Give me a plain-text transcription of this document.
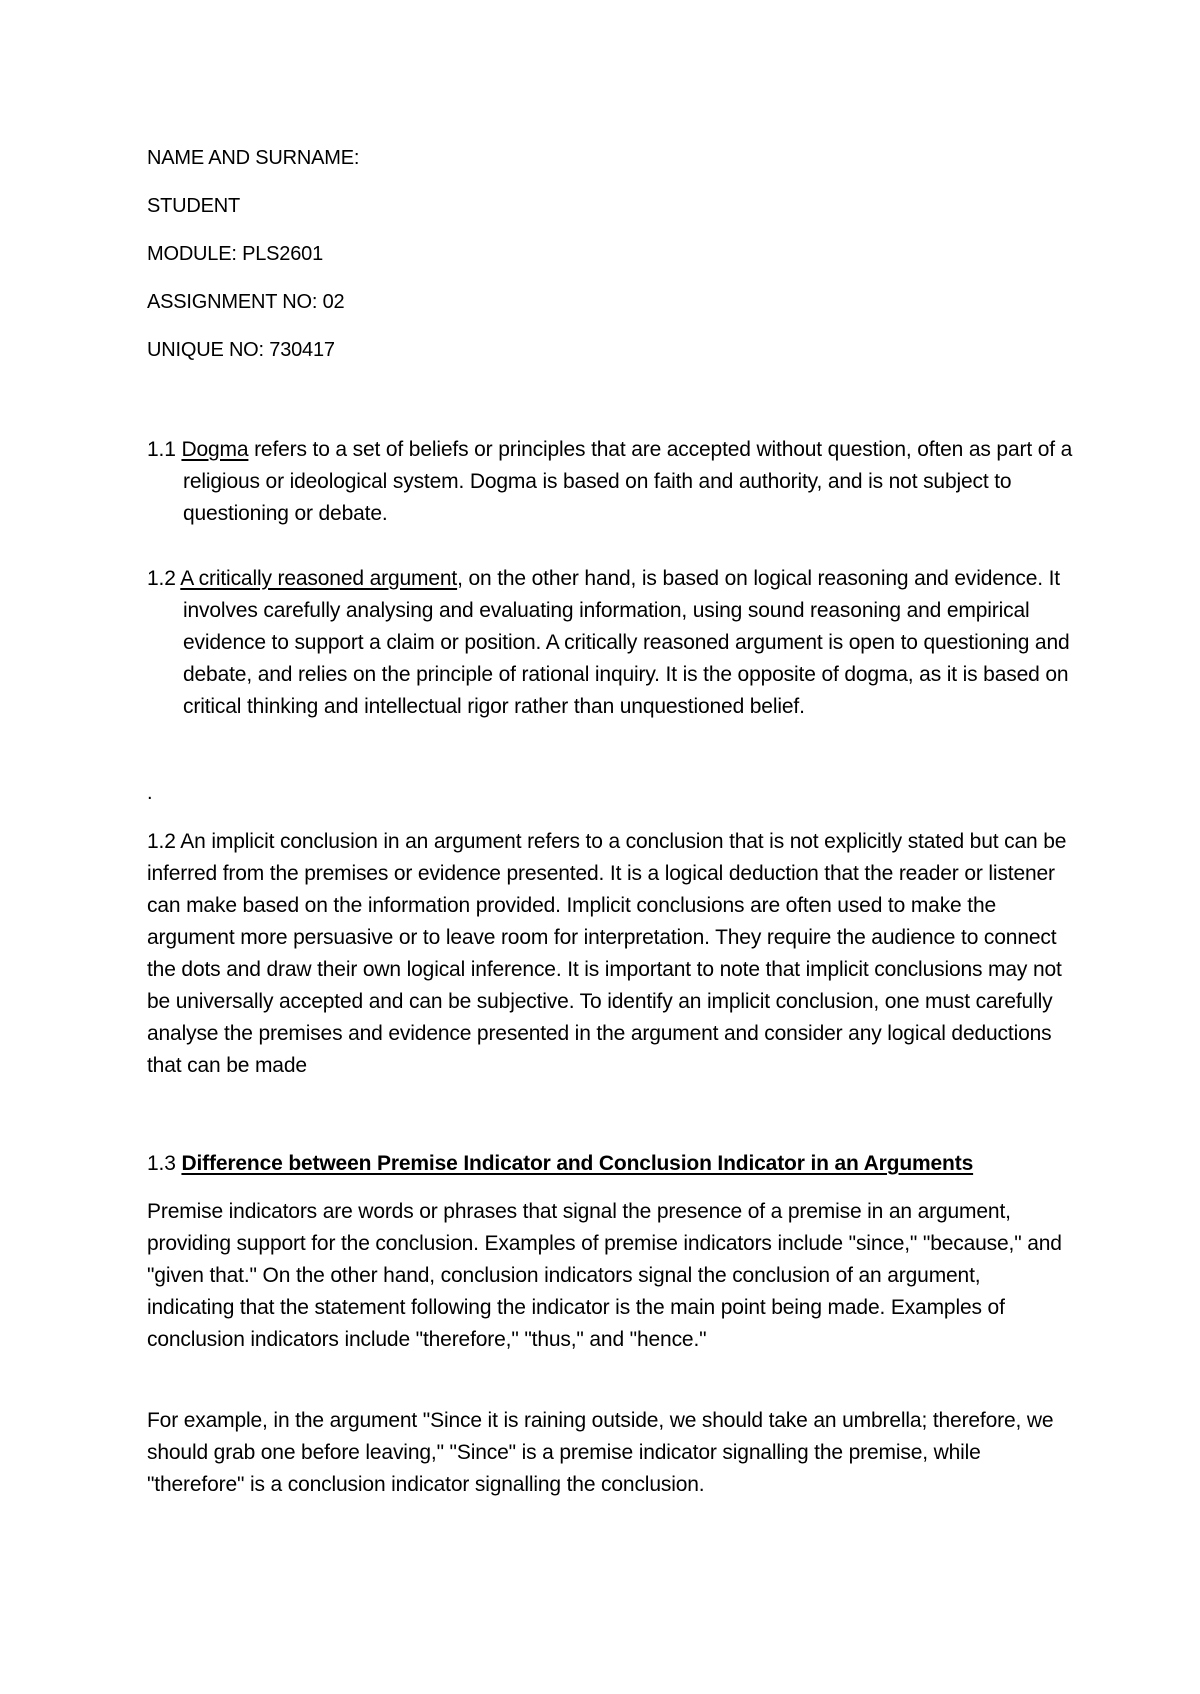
NAME AND SURNAME:
STUDENT
MODULE: PLS2601
ASSIGNMENT NO: 02
UNIQUE NO: 730417

1.1 Dogma refers to a set of beliefs or principles that are accepted without question, often as part of a religious or ideological system. Dogma is based on faith and authority, and is not subject to questioning or debate.

1.2 A critically reasoned argument, on the other hand, is based on logical reasoning and evidence. It involves carefully analysing and evaluating information, using sound reasoning and empirical evidence to support a claim or position. A critically reasoned argument is open to questioning and debate, and relies on the principle of rational inquiry. It is the opposite of dogma, as it is based on critical thinking and intellectual rigor rather than unquestioned belief.

.

1.2 An implicit conclusion in an argument refers to a conclusion that is not explicitly stated but can be inferred from the premises or evidence presented. It is a logical deduction that the reader or listener can make based on the information provided. Implicit conclusions are often used to make the argument more persuasive or to leave room for interpretation. They require the audience to connect the dots and draw their own logical inference. It is important to note that implicit conclusions may not be universally accepted and can be subjective. To identify an implicit conclusion, one must carefully analyse the premises and evidence presented in the argument and consider any logical deductions that can be made

1.3 Difference between Premise Indicator and Conclusion Indicator in an Arguments

Premise indicators are words or phrases that signal the presence of a premise in an argument, providing support for the conclusion. Examples of premise indicators include "since," "because," and "given that." On the other hand, conclusion indicators signal the conclusion of an argument, indicating that the statement following the indicator is the main point being made. Examples of conclusion indicators include "therefore," "thus," and "hence."

For example, in the argument "Since it is raining outside, we should take an umbrella; therefore, we should grab one before leaving," "Since" is a premise indicator signalling the premise, while "therefore" is a conclusion indicator signalling the conclusion.
